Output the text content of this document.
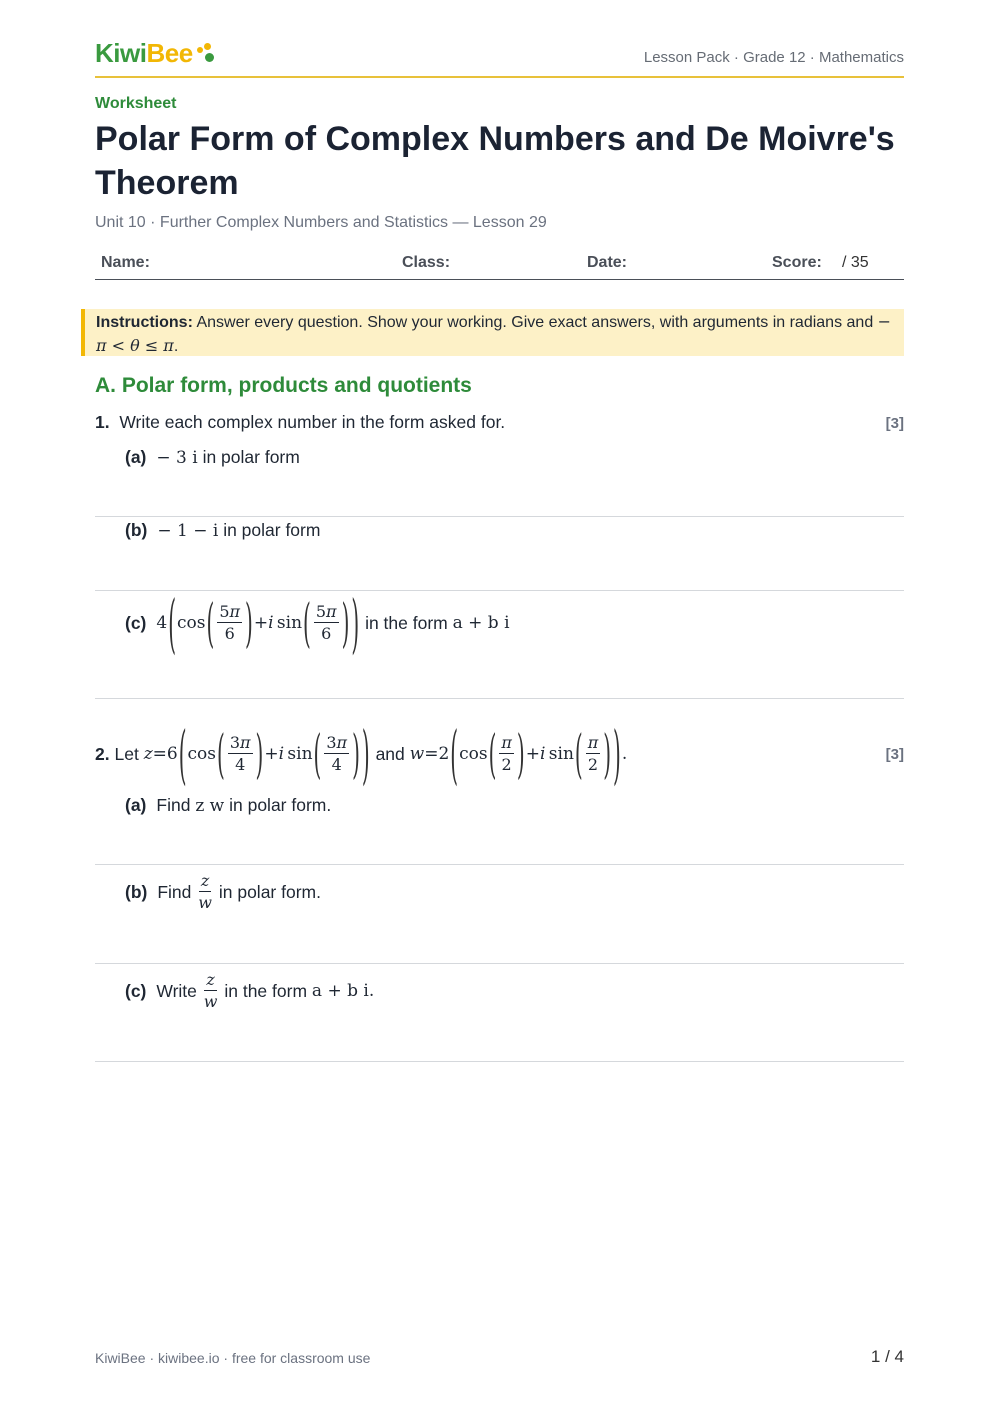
Kiwi Bee	Lesson Pack · Grade 12 · Mathematics
Worksheet
Polar Form of Complex Numbers and De Moivre's Theorem
Unit 10 · Further Complex Numbers and Statistics — Lesson 29
Name:	Class:	Date:	Score: / 35
Instructions: Answer every question. Show your working. Give exact answers, with arguments in radians and − π < θ ≤ π.
A. Polar form, products and quotients
1. Write each complex number in the form asked for.	[3]
(a) − 3 i
in polar form
(b) − 1 − i
in polar form
(c) 4 ( cos ( $\frac{5\pi}{6}$ ) + i  sin ( $\frac{5\pi}{6}$ ) )
in the form
a + b i
2.
Let
z =6 ( cos ( $\frac{3\pi}{4}$ ) + i  sin ( $\frac{3\pi}{4}$ ) )
and
w =2 ( cos ( $\frac{\pi}{2}$ ) + i  sin ( $\frac{\pi}{2}$ ) ) .	[3]
(a) Find
z w
in polar form.
(b) Find
$\frac{z}{w}$
in polar form.
(c) Write
$\frac{z}{w}$
in the form
a + b i.
KiwiBee · kiwibee.io · free for classroom use	1 / 4
